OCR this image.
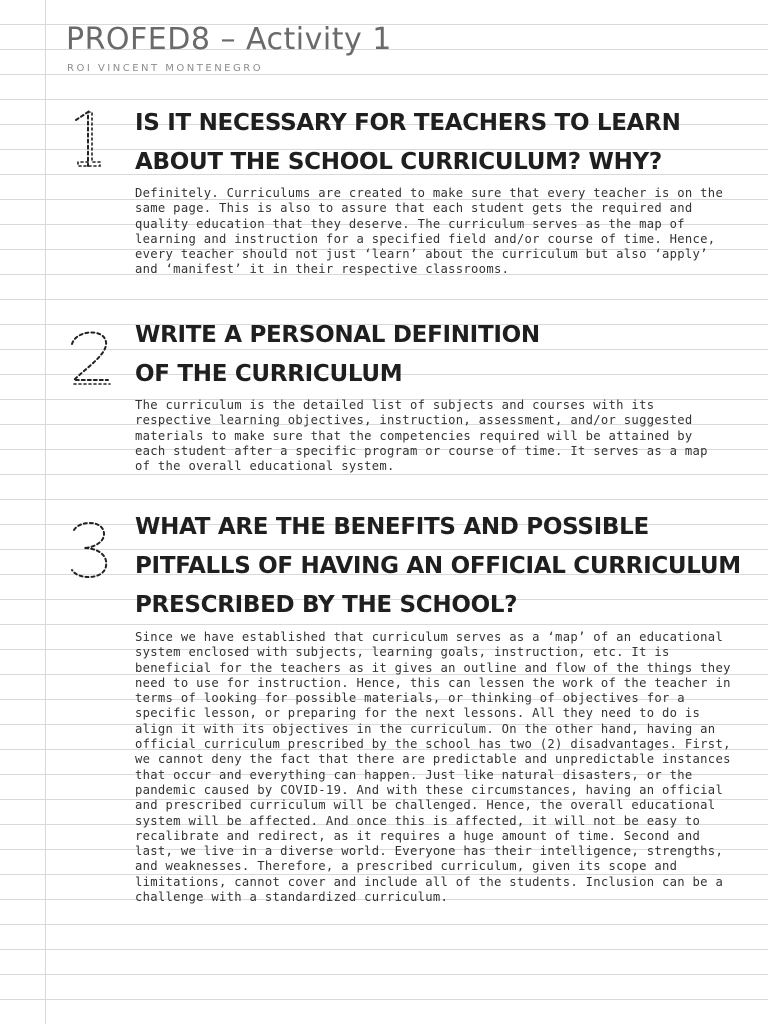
PROFED8 – Activity 1

ROI VINCENT MONTENEGRO

IS IT NECESSARY FOR TEACHERS TO LEARN
ABOUT THE SCHOOL CURRICULUM? WHY?

Definitely. Curriculums are created to make sure that every teacher is on the same page. This is also to assure that each student gets the required and quality education that they deserve. The curriculum serves as the map of learning and instruction for a specified field and/or course of time. Hence, every teacher should not just ‘learn’ about the curriculum but also ‘apply’ and ‘manifest’ it in their respective classrooms.

WRITE A PERSONAL DEFINITION
OF THE CURRICULUM

The curriculum is the detailed list of subjects and courses with its respective learning objectives, instruction, assessment, and/or suggested materials to make sure that the competencies required will be attained by each student after a specific program or course of time. It serves as a map of the overall educational system.

WHAT ARE THE BENEFITS AND POSSIBLE
PITFALLS OF HAVING AN OFFICIAL CURRICULUM
PRESCRIBED BY THE SCHOOL?

Since we have established that curriculum serves as a ‘map’ of an educational system enclosed with subjects, learning goals, instruction, etc. It is beneficial for the teachers as it gives an outline and flow of the things they need to use for instruction. Hence, this can lessen the work of the teacher in terms of looking for possible materials, or thinking of objectives for a specific lesson, or preparing for the next lessons. All they need to do is align it with its objectives in the curriculum. On the other hand, having an official curriculum prescribed by the school has two (2) disadvantages. First, we cannot deny the fact that there are predictable and unpredictable instances that occur and everything can happen. Just like natural disasters, or the pandemic caused by COVID-19. And with these circumstances, having an official and prescribed curriculum will be challenged. Hence, the overall educational system will be affected. And once this is affected, it will not be easy to recalibrate and redirect, as it requires a huge amount of time. Second and last, we live in a diverse world. Everyone has their intelligence, strengths, and weaknesses. Therefore, a prescribed curriculum, given its scope and limitations, cannot cover and include all of the students. Inclusion can be a challenge with a standardized curriculum.
